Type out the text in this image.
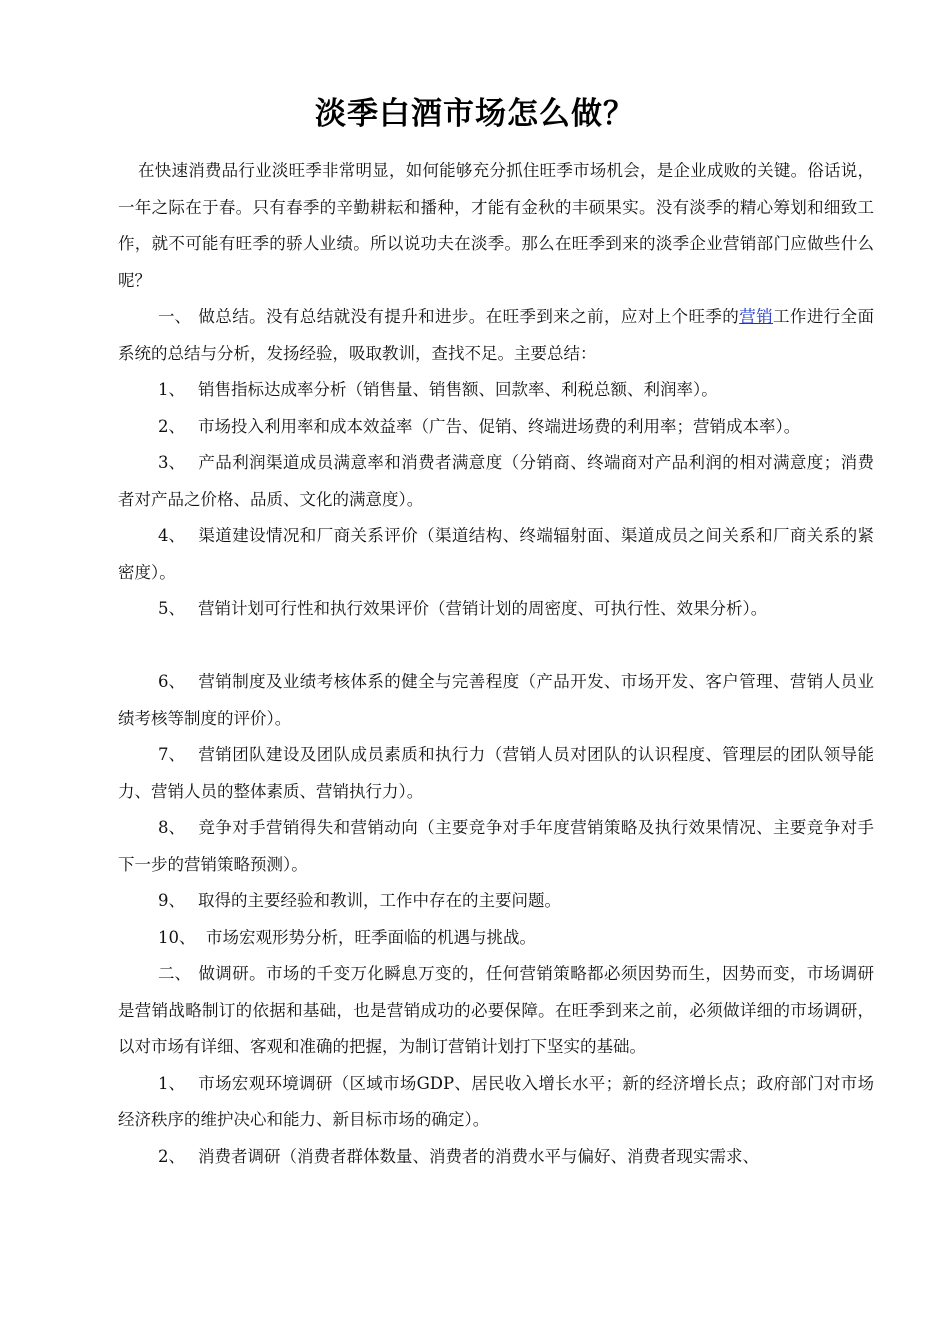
淡季白酒市场怎么做？

在快速消费品行业淡旺季非常明显，如何能够充分抓住旺季市场机会，是企业成败的关键。俗话说，一年之际在于春。只有春季的辛勤耕耘和播种，才能有金秋的丰硕果实。没有淡季的精心筹划和细致工作，就不可能有旺季的骄人业绩。所以说功夫在淡季。那么在旺季到来的淡季企业营销部门应做些什么呢？

一、 做总结。没有总结就没有提升和进步。在旺季到来之前，应对上个旺季的营销工作进行全面系统的总结与分析，发扬经验，吸取教训，查找不足。主要总结：

1、 销售指标达成率分析（销售量、销售额、回款率、利税总额、利润率）。

2、 市场投入利用率和成本效益率（广告、促销、终端进场费的利用率；营销成本率）。

3、 产品利润渠道成员满意率和消费者满意度（分销商、终端商对产品利润的相对满意度；消费者对产品之价格、品质、文化的满意度）。

4、 渠道建设情况和厂商关系评价（渠道结构、终端辐射面、渠道成员之间关系和厂商关系的紧密度）。

5、 营销计划可行性和执行效果评价（营销计划的周密度、可执行性、效果分析）。

6、 营销制度及业绩考核体系的健全与完善程度（产品开发、市场开发、客户管理、营销人员业绩考核等制度的评价）。

7、 营销团队建设及团队成员素质和执行力（营销人员对团队的认识程度、管理层的团队领导能力、营销人员的整体素质、营销执行力）。

8、 竞争对手营销得失和营销动向（主要竞争对手年度营销策略及执行效果情况、主要竞争对手下一步的营销策略预测）。

9、 取得的主要经验和教训，工作中存在的主要问题。

10、 市场宏观形势分析，旺季面临的机遇与挑战。

二、 做调研。市场的千变万化瞬息万变的，任何营销策略都必须因势而生，因势而变，市场调研是营销战略制订的依据和基础，也是营销成功的必要保障。在旺季到来之前，必须做详细的市场调研，以对市场有详细、客观和准确的把握，为制订营销计划打下坚实的基础。

1、 市场宏观环境调研（区域市场GDP、居民收入增长水平；新的经济增长点；政府部门对市场经济秩序的维护决心和能力、新目标市场的确定）。

2、 消费者调研（消费者群体数量、消费者的消费水平与偏好、消费者现实需求、
